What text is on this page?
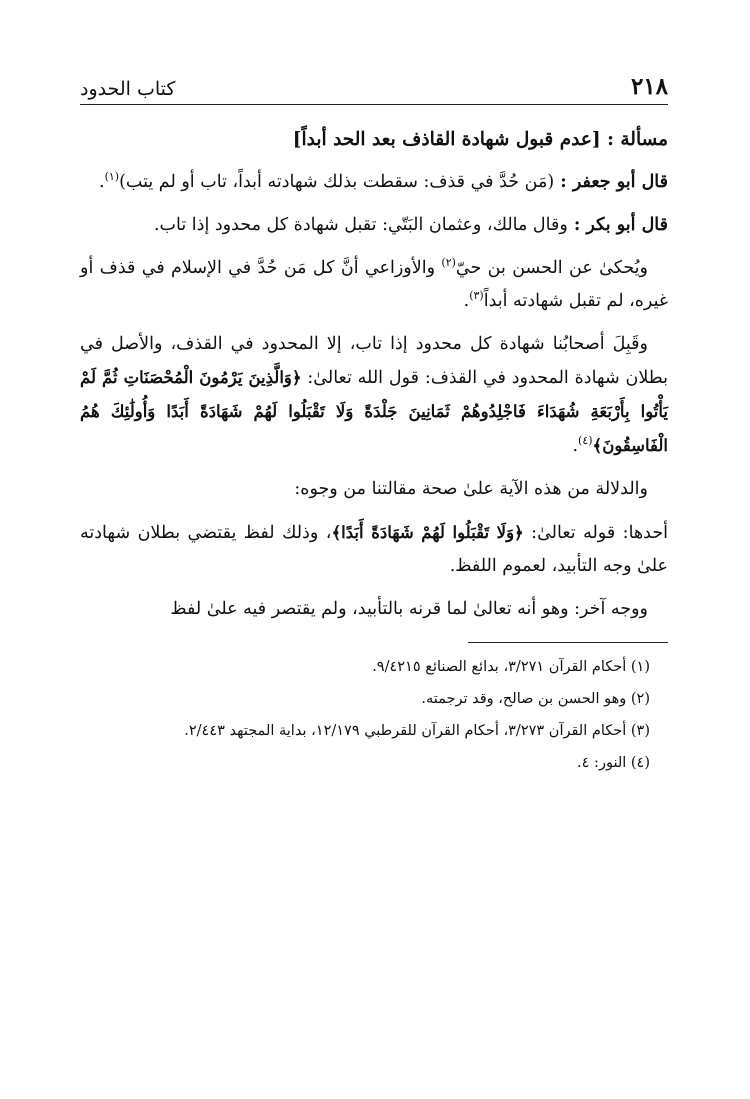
٢١٨
كتاب الحدود

مسألة : [عدم قبول شهادة القاذف بعد الحد أبداً]

قال أبو جعفر : (مَن حُدَّ في قذف: سقطت بذلك شهادته أبداً، تاب أو لم يتب)$^{(١)}$.

قال أبو بكر : وقال مالك، وعثمان البَتّي: تقبل شهادة كل محدود إذا تاب.

ويُحكىٰ عن الحسن بن حيّ$^{(٢)}$ والأوزاعي أنَّ كل مَن حُدَّ في الإسلام في قذف أو غيره، لم تقبل شهادته أبداً$^{(٣)}$.

وقَبِلَ أصحابُنا شهادة كل محدود إذا تاب، إلا المحدود في القذف، والأصل في بطلان شهادة المحدود في القذف: قول الله تعالىٰ: ﴿وَالَّذِينَ يَرْمُونَ الْمُحْصَنَاتِ ثُمَّ لَمْ يَأْتُوا بِأَرْبَعَةِ شُهَدَاءَ فَاجْلِدُوهُمْ ثَمَانِينَ جَلْدَةً وَلَا تَقْبَلُوا لَهُمْ شَهَادَةً أَبَدًا وَأُولَٰئِكَ هُمُ الْفَاسِقُونَ﴾$^{(٤)}$.

والدلالة من هذه الآية علىٰ صحة مقالتنا من وجوه:

أحدها: قوله تعالىٰ: ﴿وَلَا تَقْبَلُوا لَهُمْ شَهَادَةً أَبَدًا﴾، وذلك لفظ يقتضي بطلان شهادته علىٰ وجه التأبيد، لعموم اللفظ.

ووجه آخر: وهو أنه تعالىٰ لما قرنه بالتأبيد، ولم يقتصر فيه علىٰ لفظ

(١) أحكام القرآن ٣/٢٧١، بدائع الصنائع ٩/٤٢١٥.

(٢) وهو الحسن بن صالح، وقد ترجمته.

(٣) أحكام القرآن ٣/٢٧٣، أحكام القرآن للقرطبي ١٢/١٧٩، بداية المجتهد ٢/٤٤٣.

(٤) النور: ٤.
